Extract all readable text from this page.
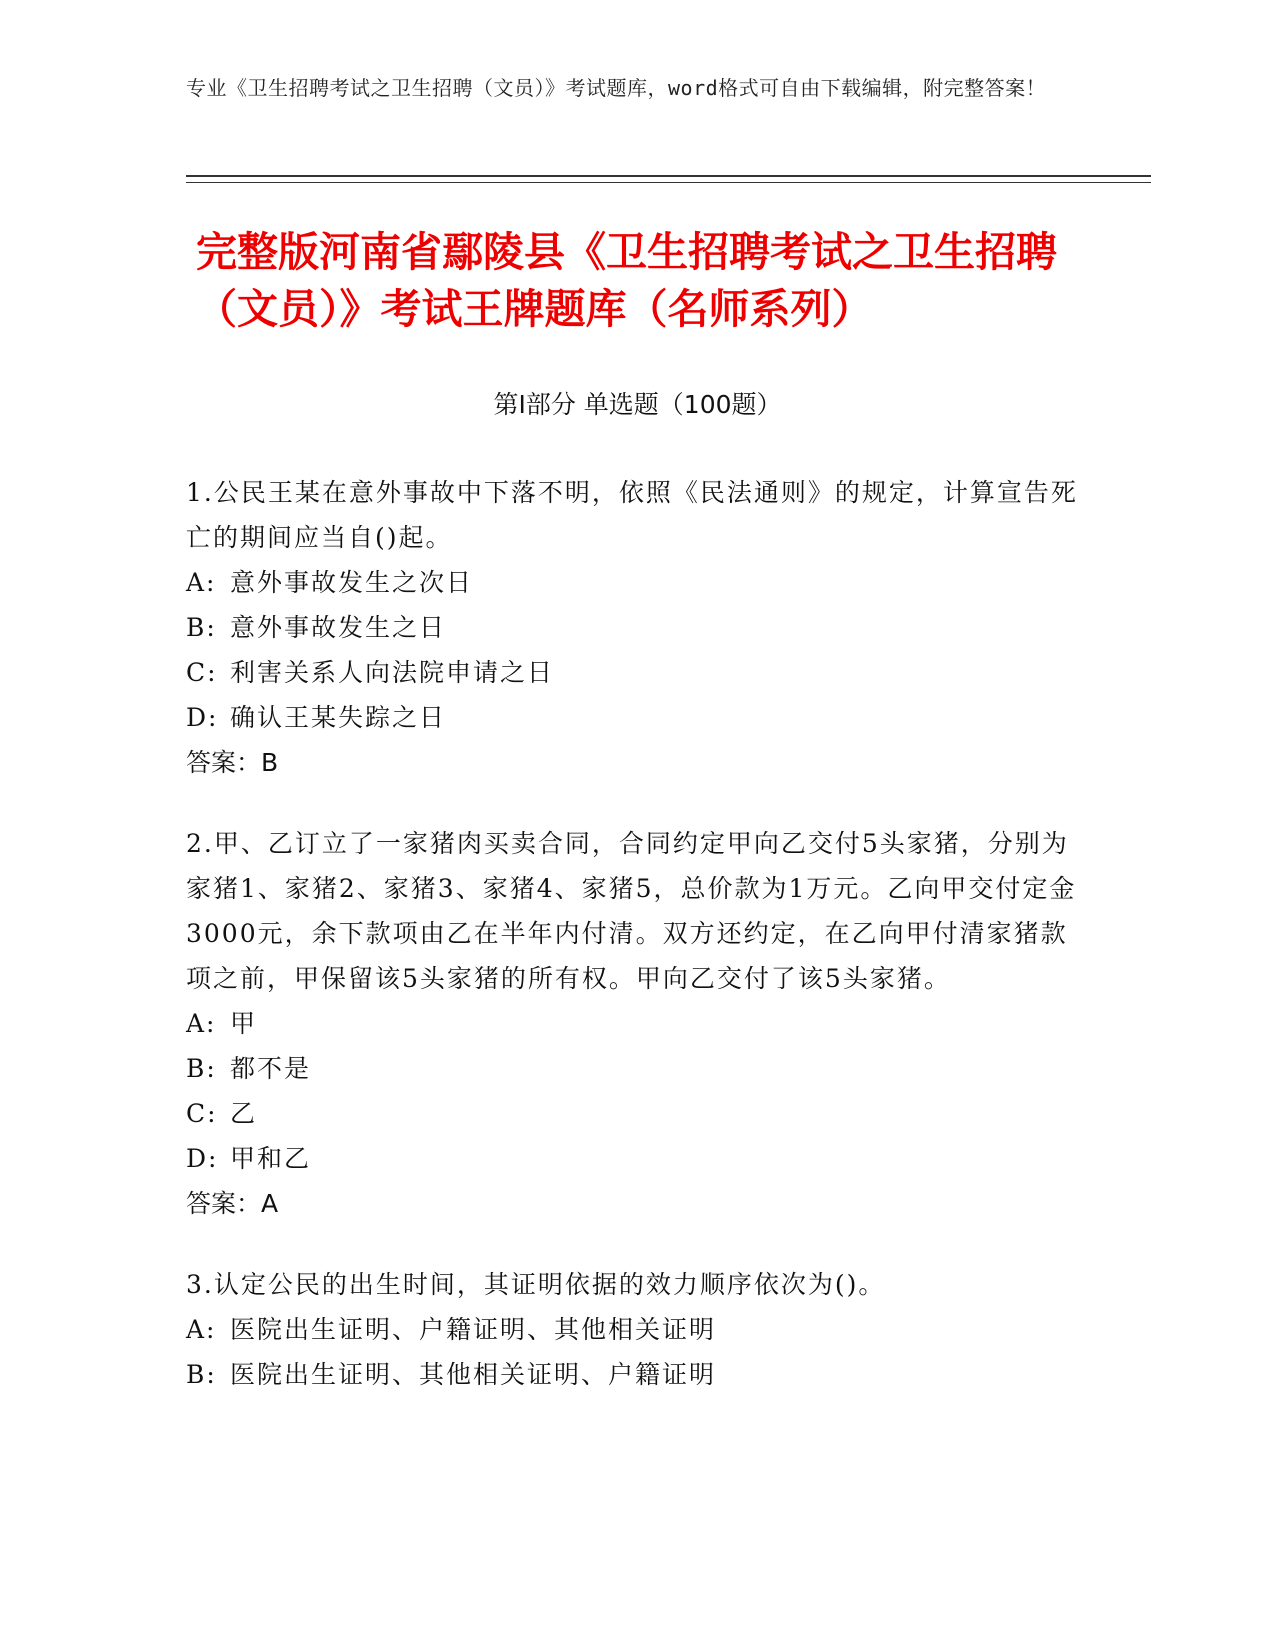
专业《卫生招聘考试之卫生招聘（文员）》考试题库，word格式可自由下载编辑，附完整答案！
完整版河南省鄢陵县《卫生招聘考试之卫生招聘（文员）》考试王牌题库（名师系列）
第Ⅰ部分 单选题（100题）
1.公民王某在意外事故中下落不明，依照《民法通则》的规定，计算宣告死亡的期间应当自()起。
A: 意外事故发生之次日
B: 意外事故发生之日
C: 利害关系人向法院申请之日
D: 确认王某失踪之日
答案：B
2.甲、乙订立了一家猪肉买卖合同，合同约定甲向乙交付5头家猪，分别为家猪1、家猪2、家猪3、家猪4、家猪5，总价款为1万元。乙向甲交付定金3000元，余下款项由乙在半年内付清。双方还约定，在乙向甲付清家猪款项之前，甲保留该5头家猪的所有权。甲向乙交付了该5头家猪。
A: 甲
B: 都不是
C: 乙
D: 甲和乙
答案：A
3.认定公民的出生时间，其证明依据的效力顺序依次为()。
A: 医院出生证明、户籍证明、其他相关证明
B: 医院出生证明、其他相关证明、户籍证明
